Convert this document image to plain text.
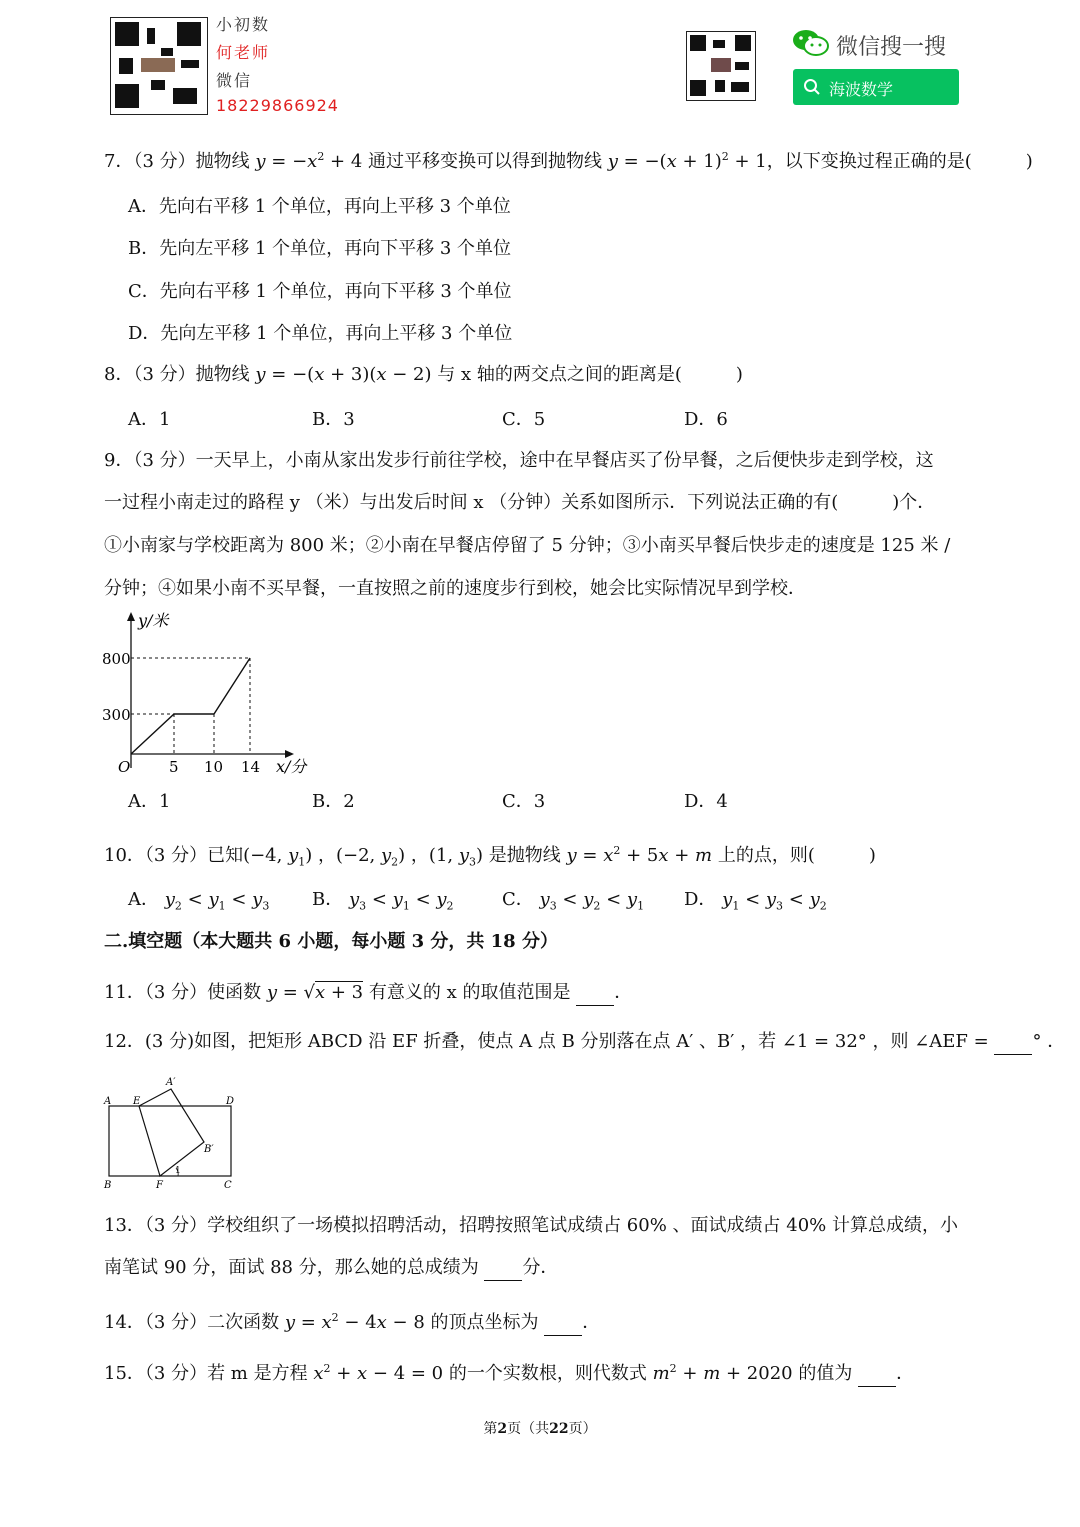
小初数
何老师
微信
18229866924
微信搜一搜
海波数学
7．（3 分）抛物线 $y = -x^2 + 4$ 通过平移变换可以得到抛物线 $y = -(x + 1)^2 + 1$，以下变换过程正确的是(　　　)
A．先向右平移 1 个单位，再向上平移 3 个单位
B．先向左平移 1 个单位，再向下平移 3 个单位
C．先向右平移 1 个单位，再向下平移 3 个单位
D．先向左平移 1 个单位，再向上平移 3 个单位
8．（3 分）抛物线 y = −(x + 3)(x − 2) 与 x 轴的两交点之间的距离是(　　　)
A．1	B．3	C．5	D．6
9．（3 分）一天早上，小南从家出发步行前往学校，途中在早餐店买了份早餐，之后便快步走到学校，这
一过程小南走过的路程 y （米）与出发后时间 x （分钟）关系如图所示．下列说法正确的有(　　　)个．
①小南家与学校距离为 800 米；②小南在早餐店停留了 5 分钟；③小南买早餐后快步走的速度是 125 米 /
分钟；④如果小南不买早餐，一直按照之前的速度步行到校，她会比实际情况早到学校．
y/米
800
300
O	5 10 14 x/分
A．1	B．2	C．3	D．4
10．（3 分）已知(−4, $y_1$) ，(−2, $y_2$) ，(1, $y_3$) 是抛物线 $y = x^2 + 5x + m$ 上的点，则(　　　)
A． $y_2 < y_1 < y_3$ B． $y_3 < y_1 < y_2$	C． $y_3 < y_2 < y_1$ D． $y_1 < y_3 < y_2$
二.填空题（本大题共 6 小题，每小题 3 分，共 18 分）
11．（3 分）使函数 y = √x + 3 有意义的 x 的取值范围是 ．
12．(3 分)如图，把矩形 ABCD 沿 EF 折叠，使点 A 点 B 分别落在点 A′ 、B′ ，若 ∠1 = 32° ，则 ∠AEF = ° ．
A E
A′
D
B′
B	F
1
C
13．（3 分）学校组织了一场模拟招聘活动，招聘按照笔试成绩占 60% 、面试成绩占 40% 计算总成绩，小
南笔试 90 分，面试 88 分，那么她的总成绩为 分．
14．（3 分）二次函数 $y = x^2 - 4x - 8$ 的顶点坐标为 ．
15．（3 分）若 m 是方程 $x^2 + x - 4 = 0$ 的一个实数根，则代数式 $m^2 + m + 2020$ 的值为 ．
第2页（共22页）
